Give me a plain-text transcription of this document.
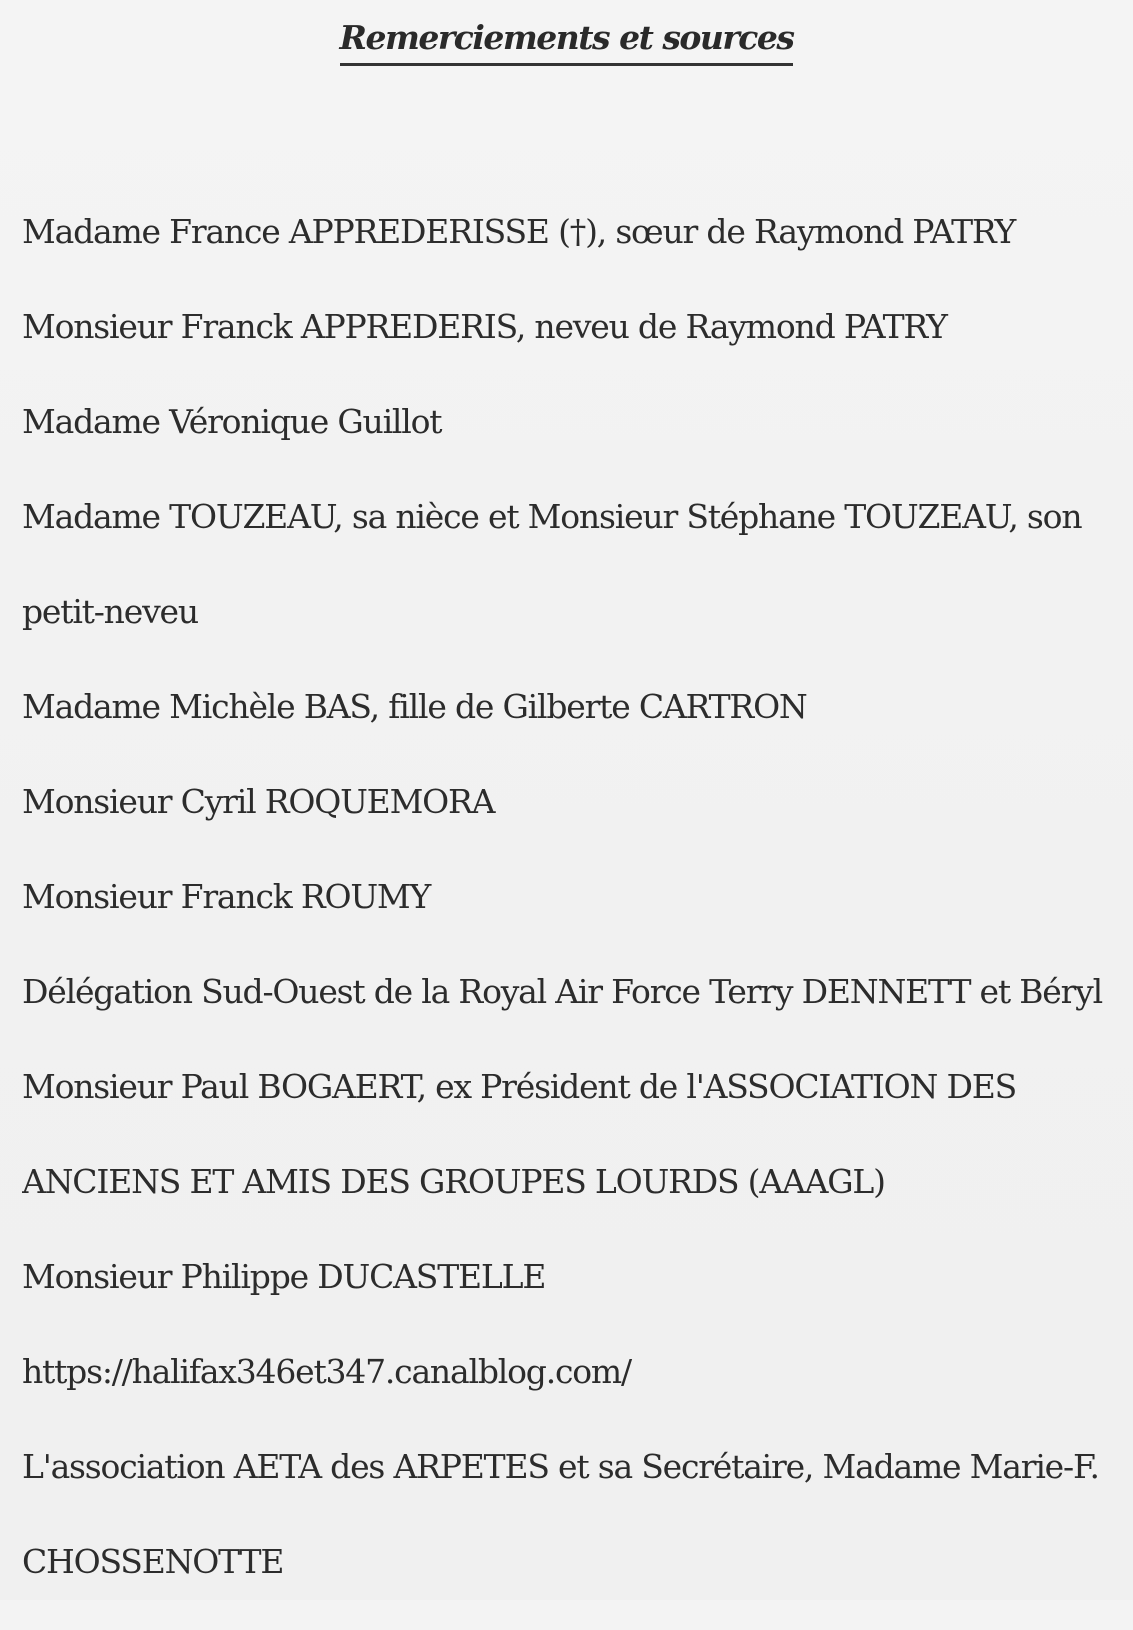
Remerciements et sources
Madame France APPREDERISSE (†), sœur de Raymond PATRY
Monsieur Franck APPREDERIS, neveu de Raymond PATRY
Madame Véronique Guillot
Madame TOUZEAU, sa nièce et Monsieur Stéphane TOUZEAU, son
petit-neveu
Madame Michèle BAS, fille de Gilberte CARTRON
Monsieur Cyril ROQUEMORA
Monsieur Franck ROUMY
Délégation Sud-Ouest de la Royal Air Force Terry DENNETT et Béryl
Monsieur Paul BOGAERT, ex Président de l'ASSOCIATION DES
ANCIENS ET AMIS DES GROUPES LOURDS (AAAGL)
Monsieur Philippe DUCASTELLE
https://halifax346et347.canalblog.com/
L'association AETA des ARPETES et sa Secrétaire, Madame Marie-F.
CHOSSENOTTE
